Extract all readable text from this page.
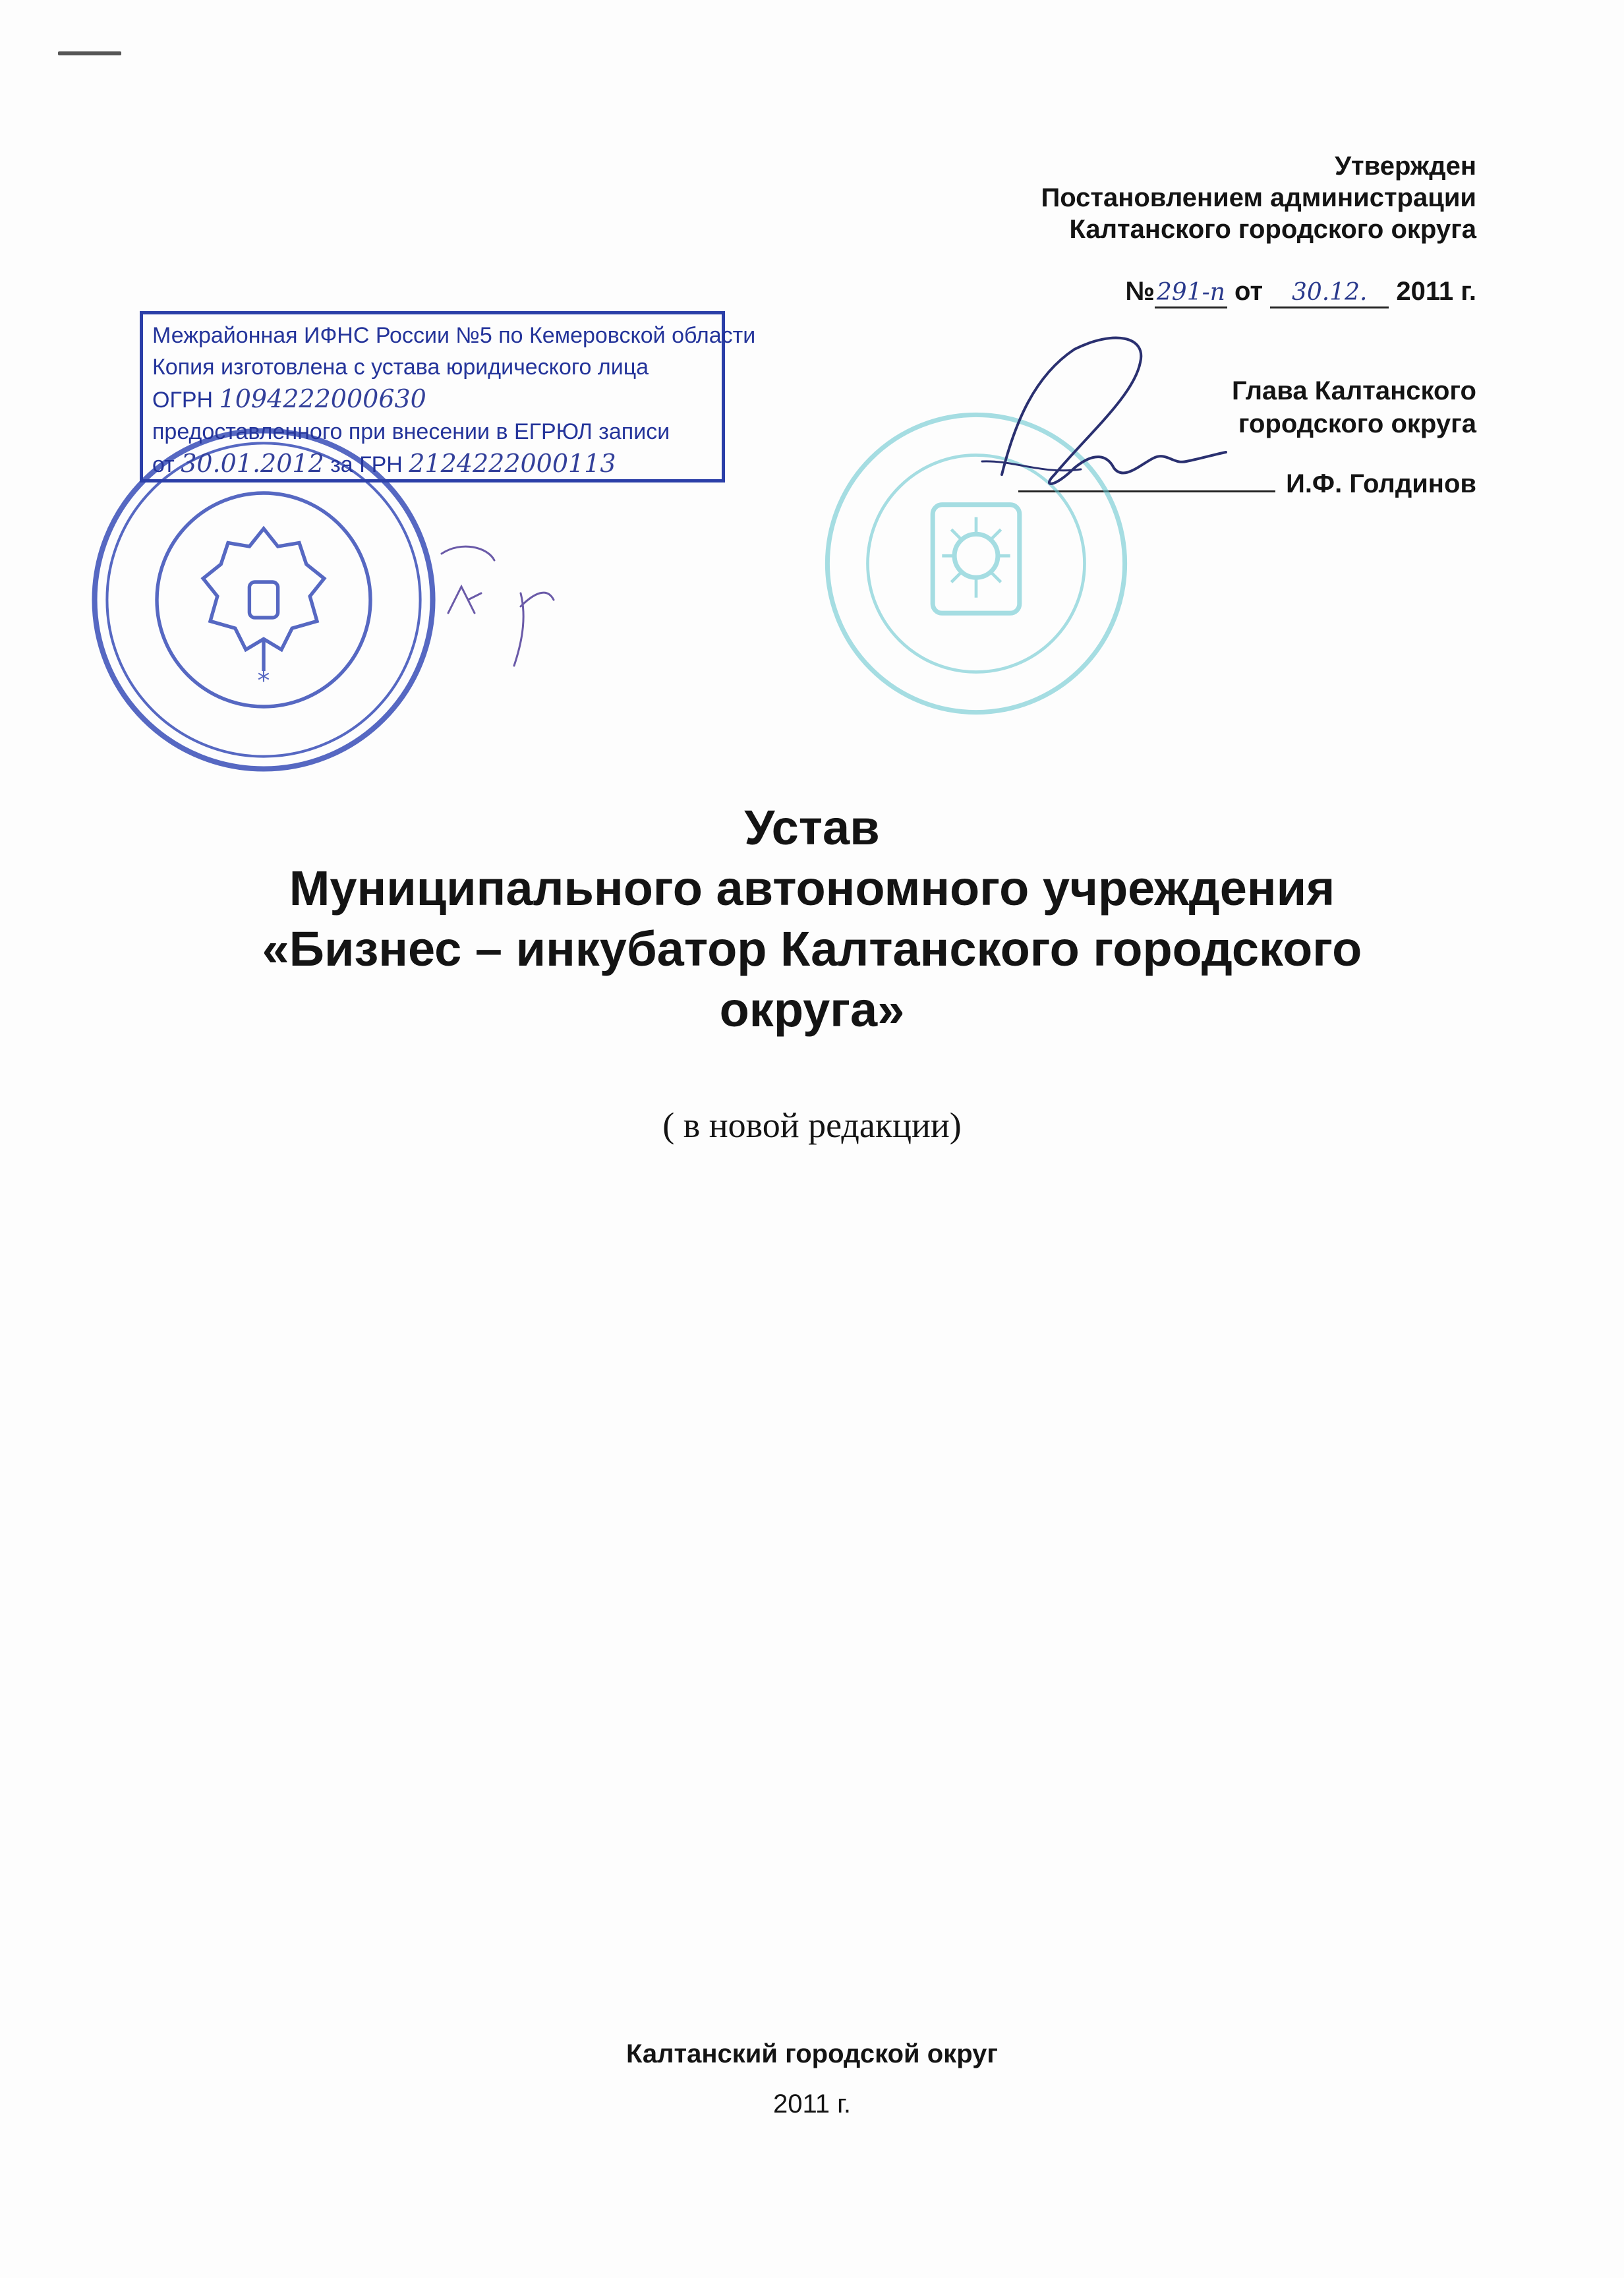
Утвержден
Постановлением администрации
Калтанского городского округа
№291-п от 30.12. 2011 г.
Глава Калтанского
городского округа
И.Ф. Голдинов
*
Межрайонная ИФНС России №5 по Кемеровской области
Копия изготовлена с устава юридического лица
ОГРН 1094222000630
предоставленного при внесении в ЕГРЮЛ записи
от 30.01.2012 за ГРН 2124222000113
Устав
Муниципального автономного учреждения
«Бизнес – инкубатор Калтанского городского
округа»
( в новой редакции)
Калтанский городской округ
2011 г.
